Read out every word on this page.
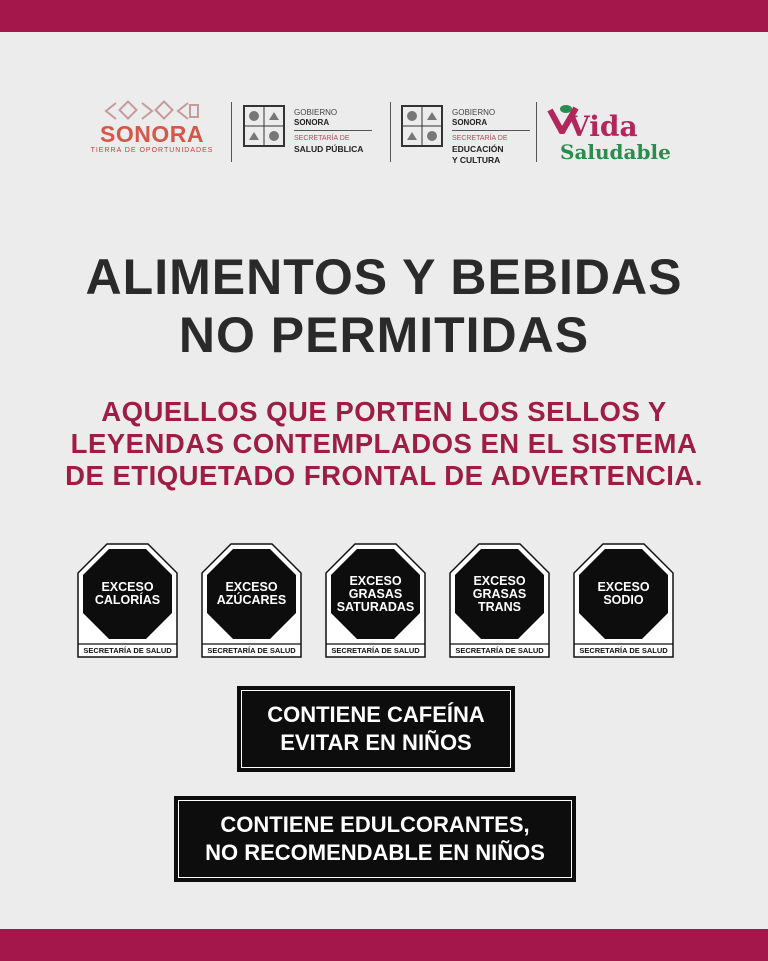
SONORA
TIERRA DE OPORTUNIDADES
GOBIERNO
SONORA
SECRETARÍA DE
SALUD PÚBLICA
GOBIERNO
SONORA
SECRETARÍA DE
EDUCACIÓN
Y CULTURA
Vida
Saludable
ALIMENTOS Y BEBIDAS
NO PERMITIDAS
AQUELLOS QUE PORTEN LOS SELLOS Y
LEYENDAS CONTEMPLADOS EN EL SISTEMA
DE ETIQUETADO FRONTAL DE ADVERTENCIA.
EXCESO
CALORÍAS
SECRETARÍA DE SALUD
EXCESO
AZÚCARES
SECRETARÍA DE SALUD
EXCESO
GRASAS
SATURADAS
SECRETARÍA DE SALUD
EXCESO
GRASAS
TRANS
SECRETARÍA DE SALUD
EXCESO
SODIO
SECRETARÍA DE SALUD
CONTIENE CAFEÍNA
EVITAR EN NIÑOS
CONTIENE EDULCORANTES,
NO RECOMENDABLE EN NIÑOS
